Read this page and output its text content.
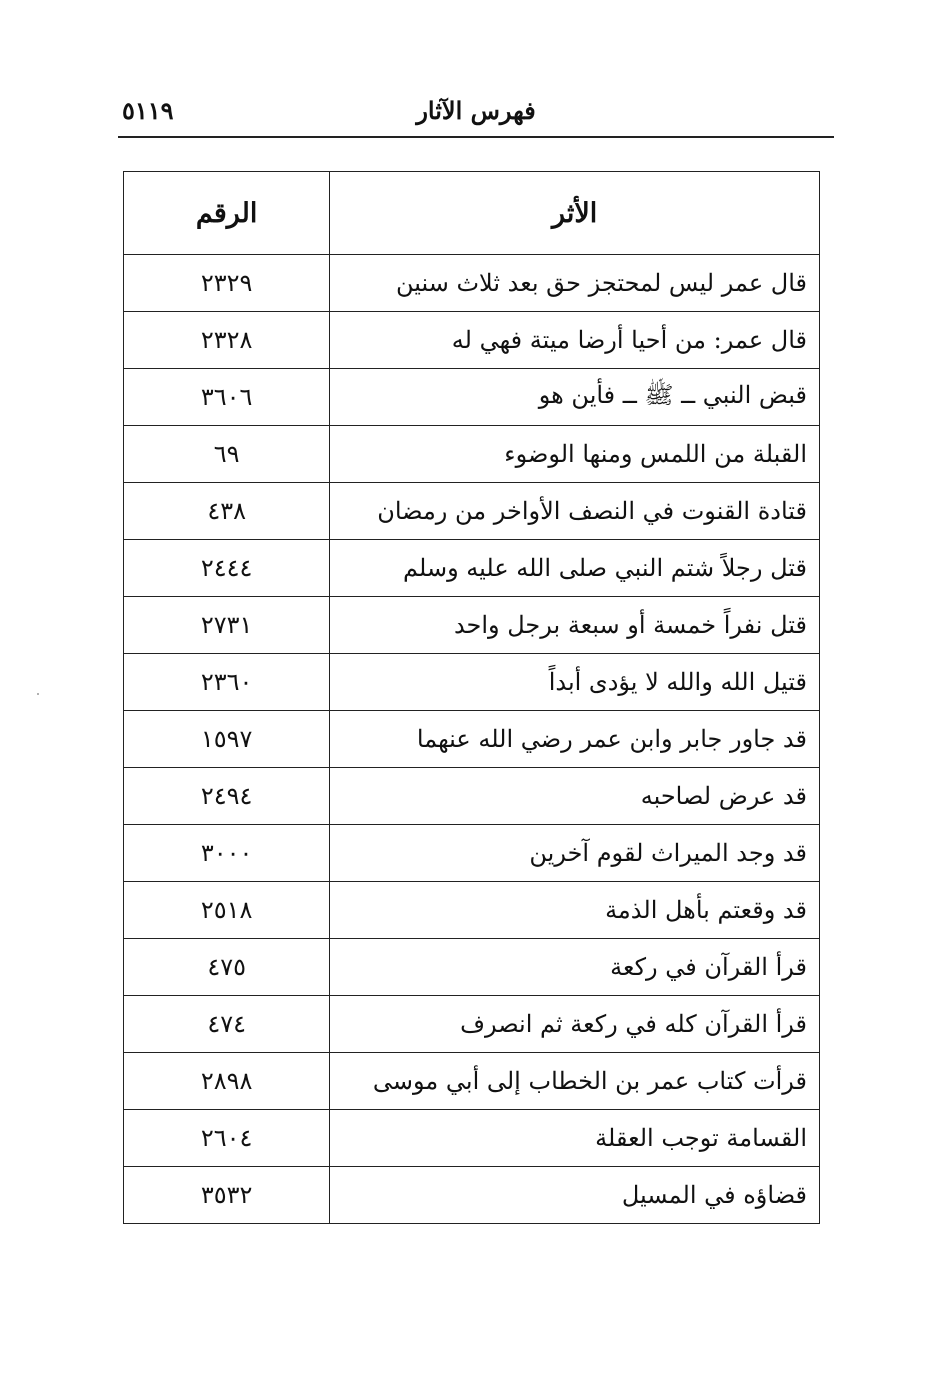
فهرس الآثار
٥١١٩
الأثر	الرقم
قال عمر ليس لمحتجز حق بعد ثلاث سنين	٢٣٢٩
قال عمر: من أحيا أرضا ميتة فهي له	٢٣٢٨
قبض النبي ــ ﷺ ــ فأين هو	٣٦٠٦
القبلة من اللمس ومنها الوضوء	٦٩
قتادة القنوت في النصف الأواخر من رمضان	٤٣٨
قتل رجلاً شتم النبي صلى الله عليه وسلم	٢٤٤٤
قتل نفراً خمسة أو سبعة برجل واحد	٢٧٣١
قتيل الله والله لا يؤدى أبداً	٢٣٦٠
قد جاور جابر وابن عمر رضي الله عنهما	١٥٩٧
قد عرض لصاحبه	٢٤٩٤
قد وجد الميراث لقوم آخرين	٣٠٠٠
قد وقعتم بأهل الذمة	٢٥١٨
قرأ القرآن في ركعة	٤٧٥
قرأ القرآن كله في ركعة ثم انصرف	٤٧٤
قرأت كتاب عمر بن الخطاب إلى أبي موسى	٢٨٩٨
القسامة توجب العقلة	٢٦٠٤
قضاؤه في المسيل	٣٥٣٢
